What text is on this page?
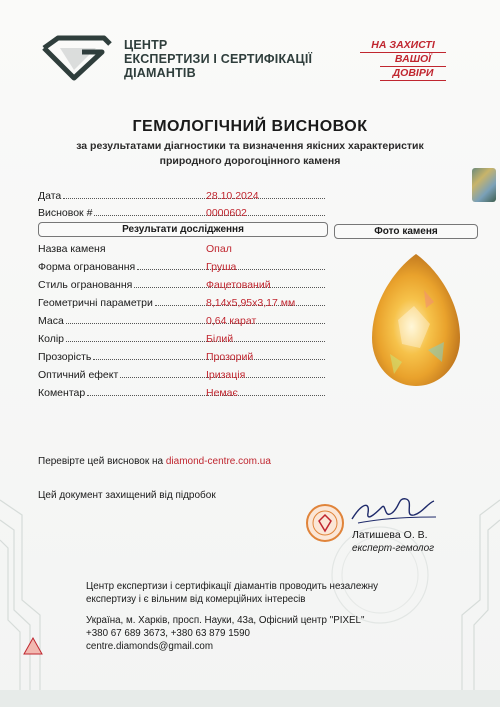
ЦЕНТР
ЕКСПЕРТИЗИ І СЕРТИФІКАЦІЇ
ДІАМАНТІВ
НА ЗАХИСТІ
ВАШОЇ
ДОВІРИ
ГЕМОЛОГІЧНИЙ ВИСНОВОК
за результатами діагностики та визначення якісних характеристик
природного дорогоцінного каменя
Дата	28.10.2024
Висновок #	0000602
Результати дослідження	Фото каменя
Назва каменя	Опал
Форма ограновання	Груша
Стиль ограновання	Фацетований
Геометричні параметри	8,14x5,95x3,17 мм
Маса	0,64 карат
Колір	Білий
Прозорість	Прозорий
Оптичний ефект	Іризація
Коментар	Немає
Перевірте цей висновок на diamond-centre.com.ua
Цей документ захищений від підробок
Латишева О. В.
експерт-гемолог
Центр експертизи і сертифікації діамантів проводить незалежну
експертизу і є вільним від комерційних інтересів
Україна, м. Харків, просп. Науки, 43а, Офісний центр "PIXEL"
+380 67 689 3673, +380 63 879 1590
centre.diamonds@gmail.com
